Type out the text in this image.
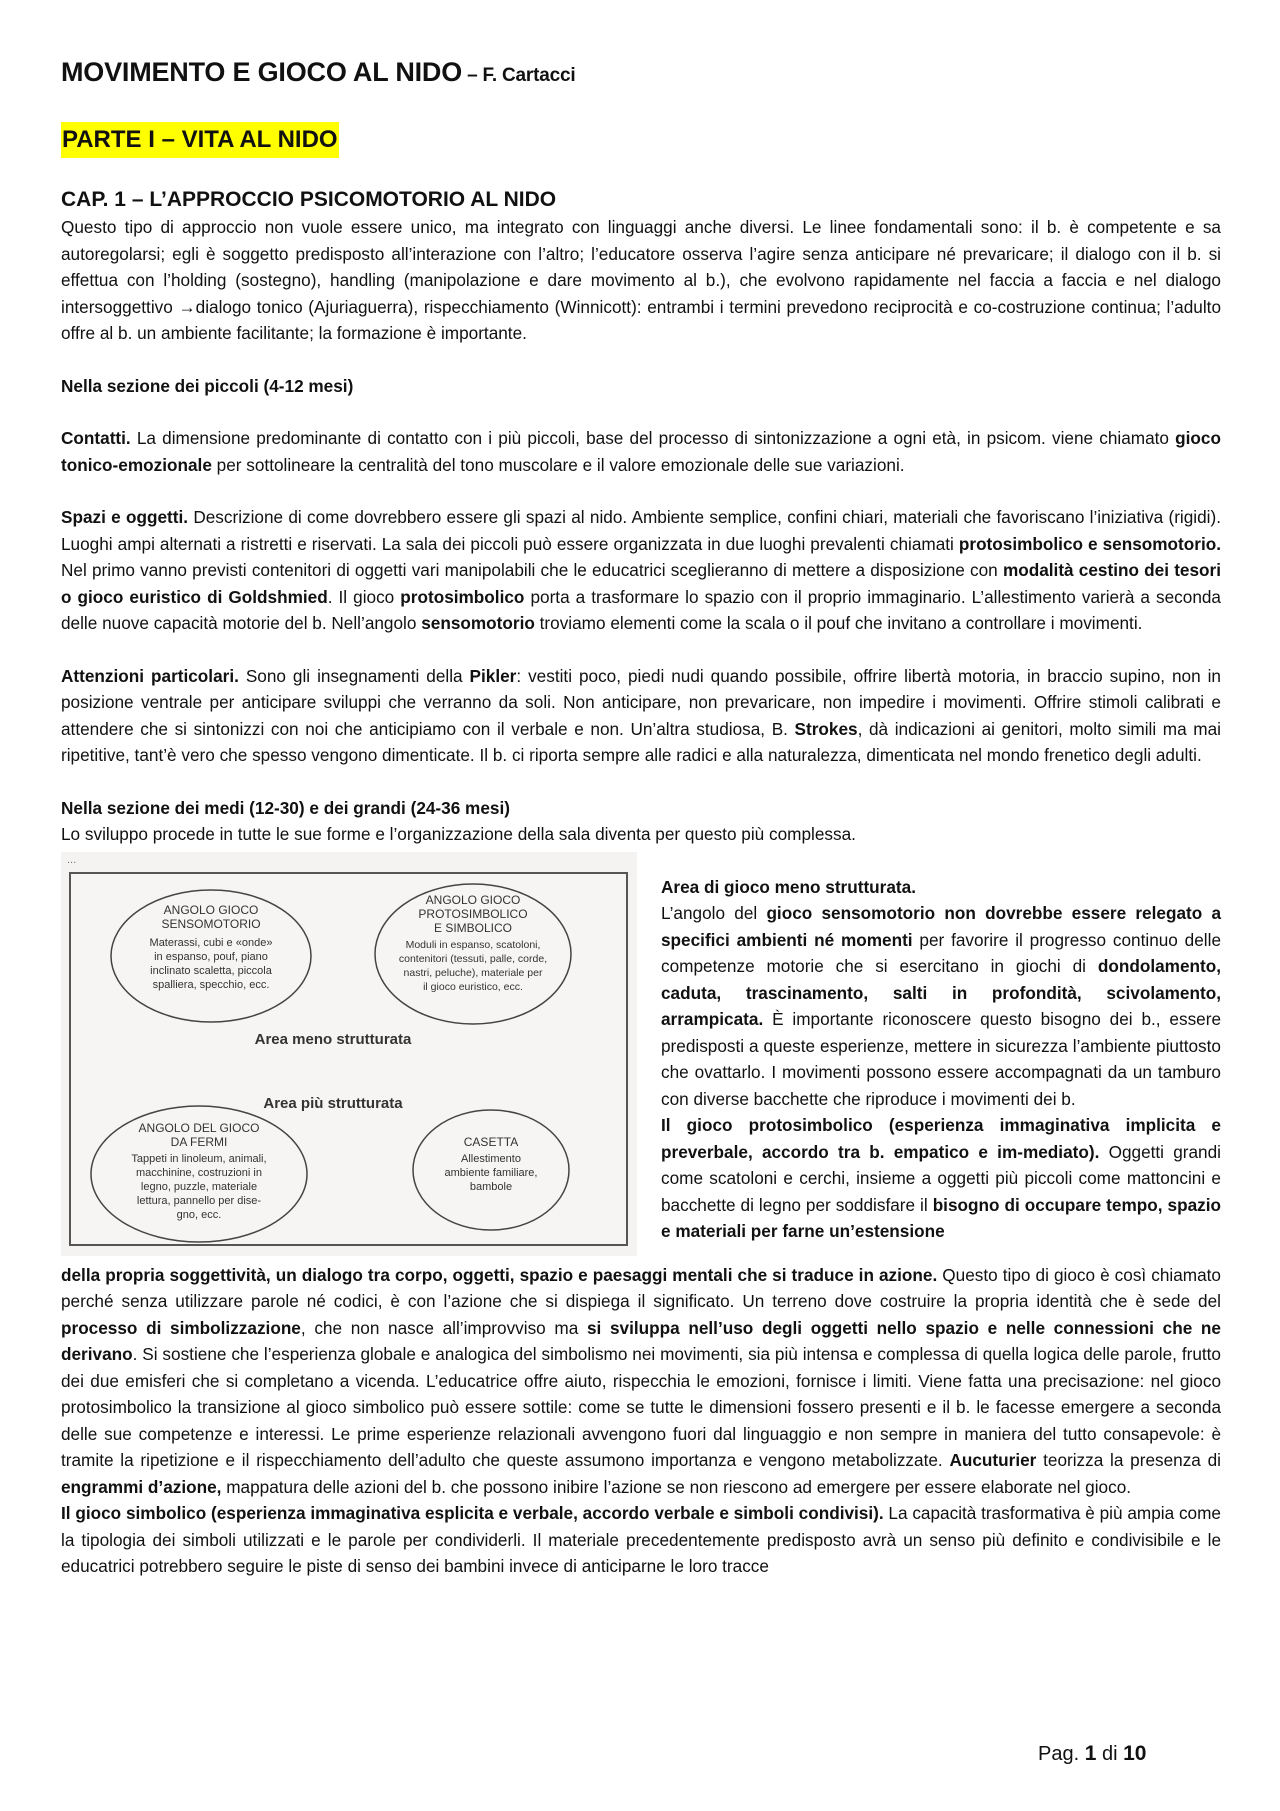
MOVIMENTO E GIOCO AL NIDO – F. Cartacci
PARTE I – VITA AL NIDO
CAP. 1 – L’APPROCCIO PSICOMOTORIO AL NIDO

Questo tipo di approccio non vuole essere unico, ma integrato con linguaggi anche diversi. Le linee fondamentali sono: il b. è competente e sa autoregolarsi; egli è soggetto predisposto all’interazione con l’altro; l’educatore osserva l’agire senza anticipare né prevaricare; il dialogo con il b. si effettua con l’holding (sostegno), handling (manipolazione e dare movimento al b.), che evolvono rapidamente nel faccia a faccia e nel dialogo intersoggettivo →dialogo tonico (Ajuriaguerra), rispecchiamento (Winnicott): entrambi i termini prevedono reciprocità e co-costruzione continua; l’adulto offre al b. un ambiente facilitante; la formazione è importante.

Nella sezione dei piccoli (4-12 mesi)

Contatti. La dimensione predominante di contatto con i più piccoli, base del processo di sintonizzazione a ogni età, in psicom. viene chiamato gioco tonico-emozionale per sottolineare la centralità del tono muscolare e il valore emozionale delle sue variazioni.

Spazi e oggetti. Descrizione di come dovrebbero essere gli spazi al nido. Ambiente semplice, confini chiari, materiali che favoriscano l’iniziativa (rigidi). Luoghi ampi alternati a ristretti e riservati. La sala dei piccoli può essere organizzata in due luoghi prevalenti chiamati protosimbolico e sensomotorio. Nel primo vanno previsti contenitori di oggetti vari manipolabili che le educatrici sceglieranno di mettere a disposizione con modalità cestino dei tesori o gioco euristico di Goldshmied. Il gioco protosimbolico porta a trasformare lo spazio con il proprio immaginario. L’allestimento varierà a seconda delle nuove capacità motorie del b. Nell’angolo sensomotorio troviamo elementi come la scala o il pouf che invitano a controllare i movimenti.

Attenzioni particolari. Sono gli insegnamenti della Pikler: vestiti poco, piedi nudi quando possibile, offrire libertà motoria, in braccio supino, non in posizione ventrale per anticipare sviluppi che verranno da soli. Non anticipare, non prevaricare, non impedire i movimenti. Offrire stimoli calibrati e attendere che si sintonizzi con noi che anticipiamo con il verbale e non. Un’altra studiosa, B. Strokes, dà indicazioni ai genitori, molto simili ma mai ripetitive, tant’è vero che spesso vengono dimenticate. Il b. ci riporta sempre alle radici e alla naturalezza, dimenticata nel mondo frenetico degli adulti.

Nella sezione dei medi (12-30) e dei grandi (24-36 mesi)

Lo sviluppo procede in tutte le sue forme e l’organizzazione della sala diventa per questo più complessa.

...
ANGOLO GIOCO
SENSOMOTORIO
Materassi, cubi e «onde»
in espanso, pouf, piano
inclinato scaletta, piccola
spalliera, specchio, ecc.
ANGOLO GIOCO
PROTOSIMBOLICO
E SIMBOLICO
Moduli in espanso, scatoloni,
contenitori (tessuti, palle, corde,
nastri, peluche), materiale per
il gioco euristico, ecc.
Area meno strutturata
Area più strutturata
ANGOLO DEL GIOCO
DA FERMI
Tappeti in linoleum, animali,
macchinine, costruzioni in
legno, puzzle, materiale
lettura, pannello per dise-
gno, ecc.
CASETTA
Allestimento
ambiente familiare,
bambole

Area di gioco meno strutturata.
L’angolo del gioco sensomotorio non dovrebbe essere relegato a specifici ambienti né momenti per favorire il progresso continuo delle competenze motorie che si esercitano in giochi di dondolamento, caduta, trascinamento, salti in profondità, scivolamento, arrampicata. È importante riconoscere questo bisogno dei b., essere predisposti a queste esperienze, mettere in sicurezza l’ambiente piuttosto che ovattarlo. I movimenti possono essere accompagnati da un tamburo con diverse bacchette che riproduce i movimenti dei b.
Il gioco protosimbolico (esperienza immaginativa implicita e preverbale, accordo tra b. empatico e im-mediato). Oggetti grandi come scatoloni e cerchi, insieme a oggetti più piccoli come mattoncini e bacchette di legno per soddisfare il bisogno di occupare tempo, spazio e materiali per farne un’estensione

della propria soggettività, un dialogo tra corpo, oggetti, spazio e paesaggi mentali che si traduce in azione. Questo tipo di gioco è così chiamato perché senza utilizzare parole né codici, è con l’azione che si dispiega il significato. Un terreno dove costruire la propria identità che è sede del processo di simbolizzazione, che non nasce all’improvviso ma si sviluppa nell’uso degli oggetti nello spazio e nelle connessioni che ne derivano. Si sostiene che l’esperienza globale e analogica del simbolismo nei movimenti, sia più intensa e complessa di quella logica delle parole, frutto dei due emisferi che si completano a vicenda. L’educatrice offre aiuto, rispecchia le emozioni, fornisce i limiti. Viene fatta una precisazione: nel gioco protosimbolico la transizione al gioco simbolico può essere sottile: come se tutte le dimensioni fossero presenti e il b. le facesse emergere a seconda delle sue competenze e interessi. Le prime esperienze relazionali avvengono fuori dal linguaggio e non sempre in maniera del tutto consapevole: è tramite la ripetizione e il rispecchiamento dell’adulto che queste assumono importanza e vengono metabolizzate. Aucuturier teorizza la presenza di engrammi d’azione, mappatura delle azioni del b. che possono inibire l’azione se non riescono ad emergere per essere elaborate nel gioco.

Il gioco simbolico (esperienza immaginativa esplicita e verbale, accordo verbale e simboli condivisi). La capacità trasformativa è più ampia come la tipologia dei simboli utilizzati e le parole per condividerli. Il materiale precedentemente predisposto avrà un senso più definito e condivisibile e le educatrici potrebbero seguire le piste di senso dei bambini invece di anticiparne le loro tracce

Pag. 1 di 10
